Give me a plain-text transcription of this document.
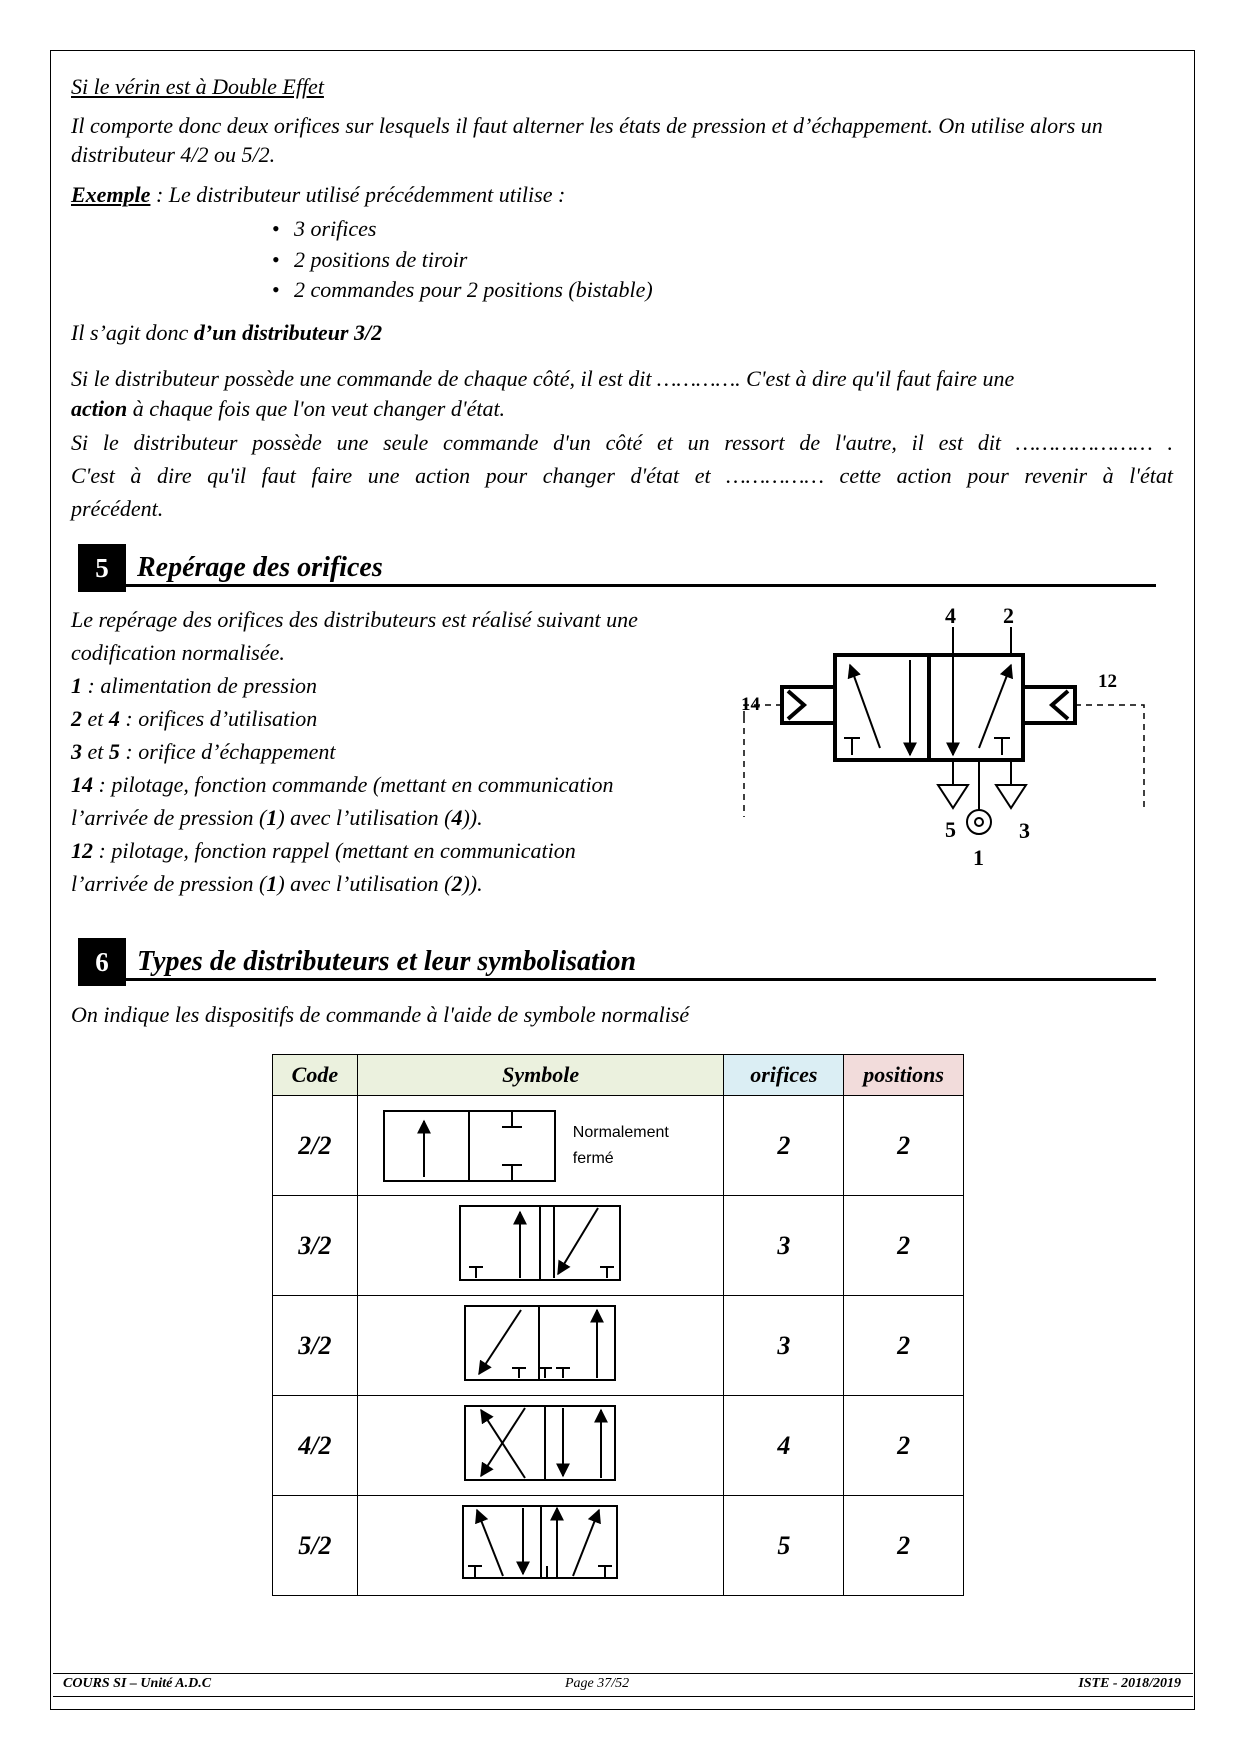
Si le vérin est à Double Effet

Il comporte donc deux orifices sur lesquels il faut alterner les états de pression et d’échappement. On utilise alors un distributeur 4/2 ou 5/2.

Exemple : Le distributeur utilisé précédemment utilise :

• 3 orifices
• 2 positions de tiroir
• 2 commandes pour 2 positions (bistable)

Il s’agit donc d’un distributeur 3/2

Si le distributeur possède une commande de chaque côté, il est dit …………. C'est à dire qu'il faut faire une

action à chaque fois que l'on veut changer d'état.

Si le distributeur possède une seule commande d'un côté et un ressort de l'autre, il est dit ………………… .

C'est à dire qu'il faut faire une action pour changer d'état et …………… cette action pour revenir à l'état

précédent.

5	Repérage des orifices

Le repérage des orifices des distributeurs est réalisé suivant une

codification normalisée.

1 : alimentation de pression

2 et 4 : orifices d’utilisation

3 et 5 : orifice d’échappement

14 : pilotage, fonction commande (mettant en communication

l’arrivée de pression (1) avec l’utilisation (4)).

12 : pilotage, fonction rappel (mettant en communication

l’arrivée de pression (1) avec l’utilisation (2)).

4 2
14
12
5	3
1
6	Types de distributeurs et leur symbolisation

On indique les dispositifs de commande à l'aide de symbole normalisé

Code	Symbole	orifices	positions
2/2	Normalement
fermé	2	2
3/2		3	2
3/2		3	2
4/2		4	2
5/2		5	2
COURS SI – Unité A.D.C	Page 37/52	ISTE - 2018/2019
